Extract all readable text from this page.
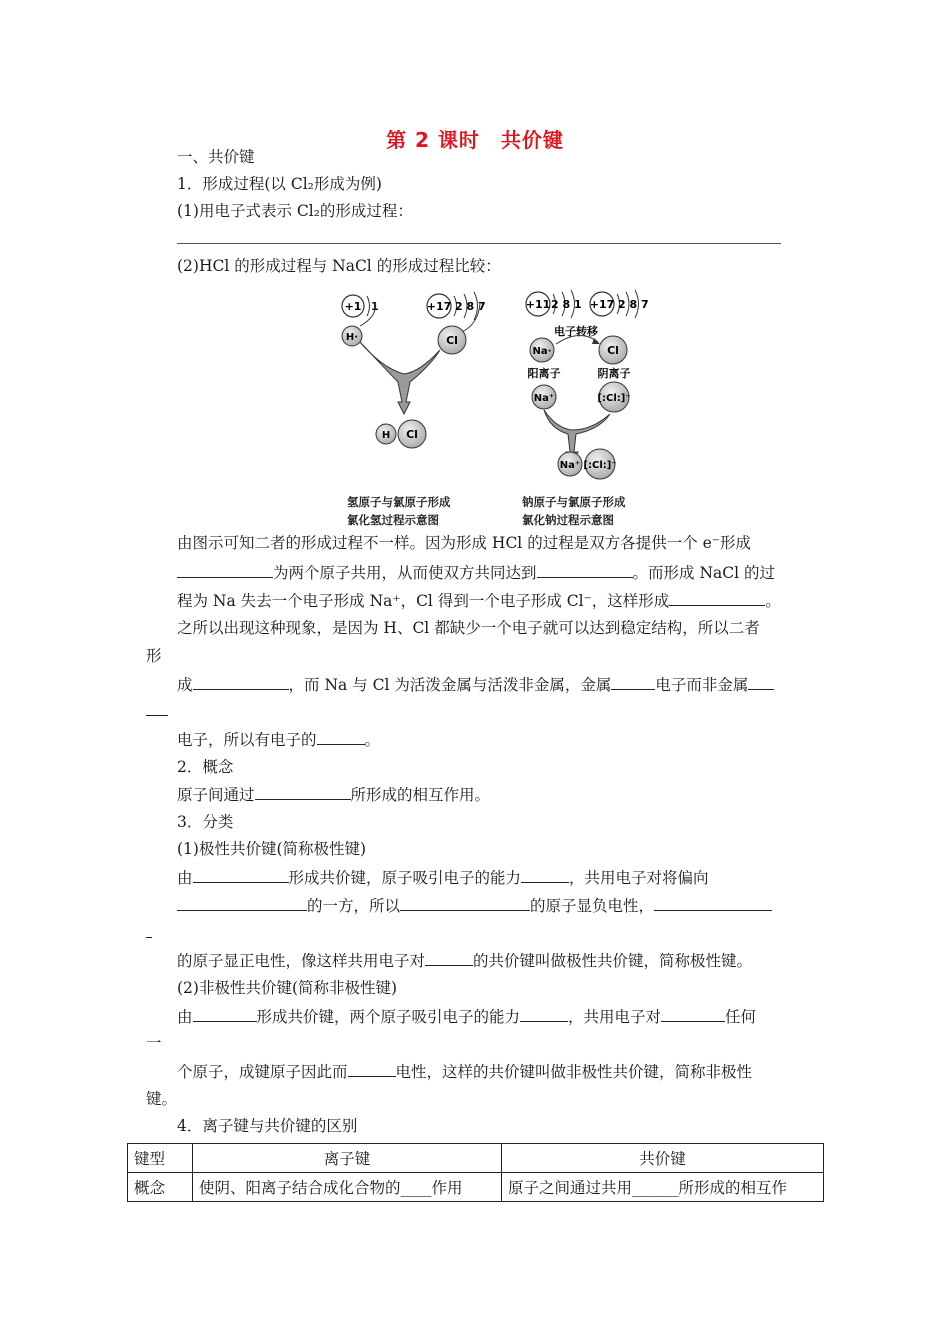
第 2 课时　共价键
一、共价键
1．形成过程(以 Cl₂形成为例)
(1)用电子式表示 Cl₂的形成过程：
(2)HCl 的形成过程与 NaCl 的形成过程比较：
+1 1	+17 2 8 7
H·	Cl
H Cl
+11 2 8 1 +17 2 8 7
电子转移
Na·	Cl
阳离子	阴离子
Na⁺	[:Cl:]⁻
Na⁺ [:Cl:]⁻
氢原子与氯原子形成
氯化氢过程示意图
钠原子与氯原子形成
氯化钠过程示意图
由图示可知二者的形成过程不一样。因为形成 HCl 的过程是双方各提供一个 e⁻形成
为两个原子共用，从而使双方共同达到	。而形成 NaCl 的过
程为 Na 失去一个电子形成 Na⁺，Cl 得到一个电子形成 Cl⁻，这样形成	。
之所以出现这种现象，是因为 H、Cl 都缺少一个电子就可以达到稳定结构，所以二者
形
成	，而 Na 与 Cl 为活泼金属与活泼非金属，金属	电子而非金属
电子，所以有电子的	。
2．概念
原子间通过	所形成的相互作用。
3．分类
(1)极性共价键(简称极性键)
由	形成共价键，原子吸引电子的能力	，共用电子对将偏向
的一方，所以	的原子显负电性，
的原子显正电性，像这样共用电子对	的共价键叫做极性共价键，简称极性键。
(2)非极性共价键(简称非极性键)
由	形成共价键，两个原子吸引电子的能力	，共用电子对	任何
一
个原子，成键原子因此而	电性，这样的共价键叫做非极性共价键，简称非极性
键。
4．离子键与共价键的区别
键型	离子键	共价键
概念	使阴、阳离子结合成化合物的____作用	原子之间通过共用______所形成的相互作
